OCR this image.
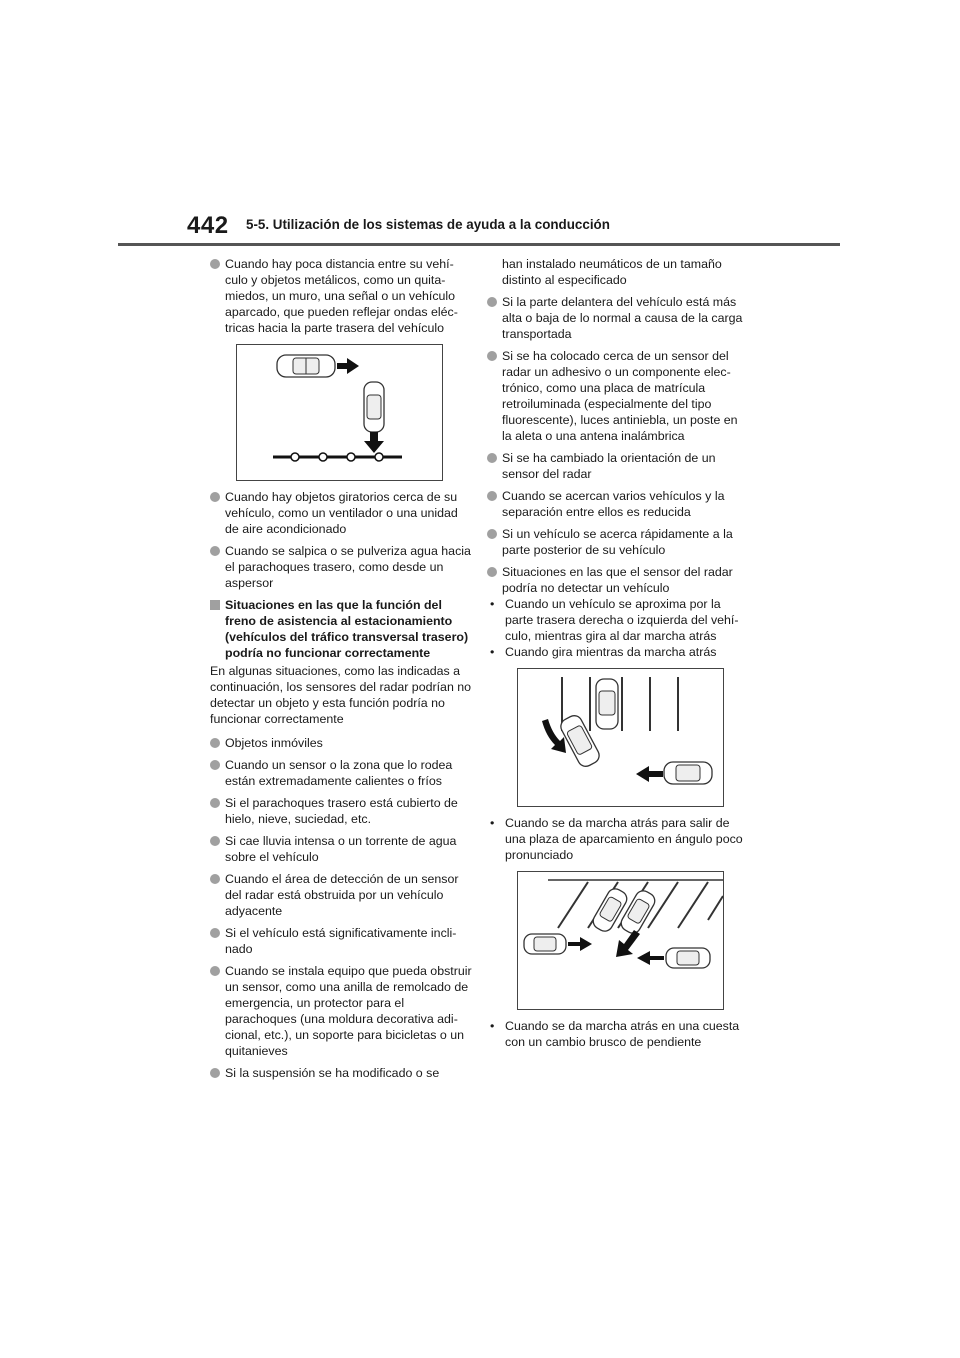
442 5-5. Utilización de los sistemas de ayuda a la conducción
Cuando hay poca distancia entre su vehículo y objetos metálicos, como un quitamiedos, un muro, una señal o un vehículo aparcado, que pueden reflejar ondas eléctricas hacia la parte trasera del vehículo
Cuando hay objetos giratorios cerca de su vehículo, como un ventilador o una unidad de aire acondicionado
Cuando se salpica o se pulveriza agua hacia el parachoques trasero, como desde un aspersor
Situaciones en las que la función del freno de asistencia al estacionamiento (vehículos del tráfico transversal trasero) podría no funcionar correctamente
En algunas situaciones, como las indicadas a continuación, los sensores del radar podrían no detectar un objeto y esta función podría no funcionar correctamente
Objetos inmóviles
Cuando un sensor o la zona que lo rodea están extremadamente calientes o fríos
Si el parachoques trasero está cubierto de hielo, nieve, suciedad, etc.
Si cae lluvia intensa o un torrente de agua sobre el vehículo
Cuando el área de detección de un sensor del radar está obstruida por un vehículo adyacente
Si el vehículo está significativamente inclinado
Cuando se instala equipo que pueda obstruir un sensor, como una anilla de remolcado de emergencia, un protector para el parachoques (una moldura decorativa adicional, etc.), un soporte para bicicletas o un quitanieves
Si la suspensión se ha modificado o se
han instalado neumáticos de un tamaño distinto al especificado
Si la parte delantera del vehículo está más alta o baja de lo normal a causa de la carga transportada
Si se ha colocado cerca de un sensor del radar un adhesivo o un componente electrónico, como una placa de matrícula retroiluminada (especialmente del tipo fluorescente), luces antiniebla, un poste en la aleta o una antena inalámbrica
Si se ha cambiado la orientación de un sensor del radar
Cuando se acercan varios vehículos y la separación entre ellos es reducida
Si un vehículo se acerca rápidamente a la parte posterior de su vehículo
Situaciones en las que el sensor del radar podría no detectar un vehículo
• Cuando un vehículo se aproxima por la parte trasera derecha o izquierda del vehículo, mientras gira al dar marcha atrás
• Cuando gira mientras da marcha atrás
• Cuando se da marcha atrás para salir de una plaza de aparcamiento en ángulo poco pronunciado
• Cuando se da marcha atrás en una cuesta con un cambio brusco de pendiente
